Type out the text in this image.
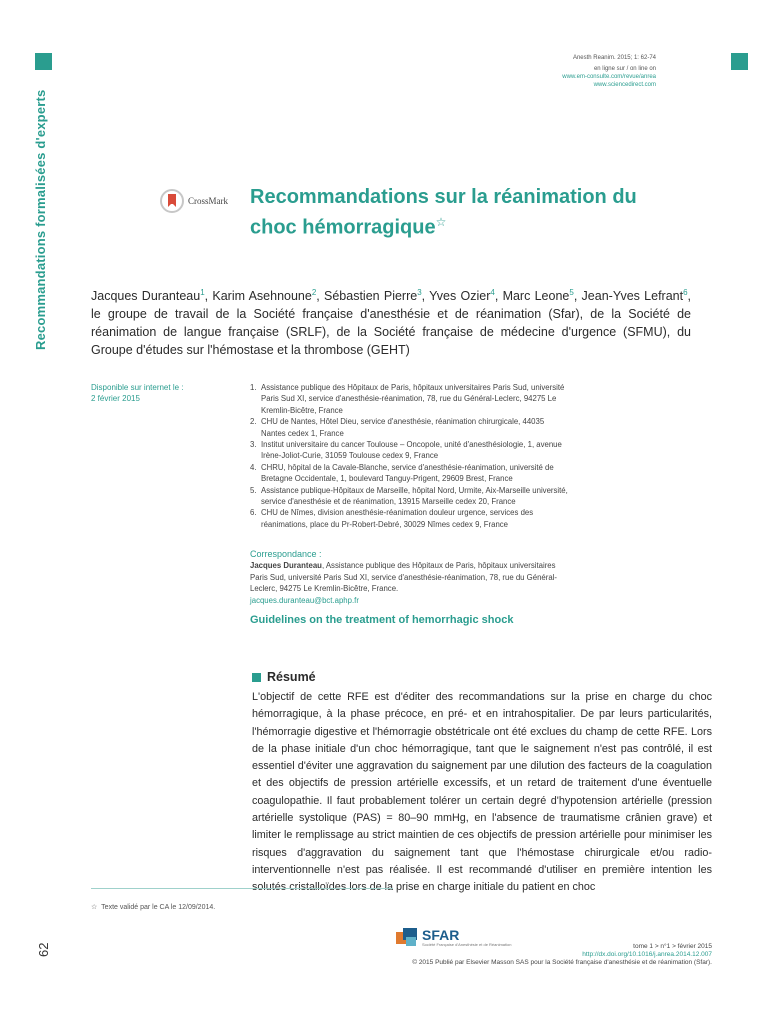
Recommandations formalisées d'experts
Anesth Reanim. 2015; 1: 62-74
en ligne sur / on line on
www.em-consulte.com/revue/anrea
www.sciencedirect.com
CrossMark Recommandations sur la réanimation du
choc hémorragique☆
Jacques Duranteau$^1$, Karim Asehnoune$^2$, Sébastien Pierre$^3$, Yves Ozier$^4$, Marc Leone$^5$, Jean-Yves Lefrant$^6$, le groupe de travail de la Société française d'anesthésie et de réanimation (Sfar), de la Société de réanimation de langue française (SRLF), de la Société française de médecine d'urgence (SFMU), du Groupe d'études sur l'hémostase et la thrombose (GEHT)
Disponible sur internet le :
2 février 2015
1. Assistance publique des Hôpitaux de Paris, hôpitaux universitaires Paris Sud, université Paris Sud XI, service d'anesthésie-réanimation, 78, rue du Général-Leclerc, 94275 Le Kremlin-Bicêtre, France
2. CHU de Nantes, Hôtel Dieu, service d'anesthésie, réanimation chirurgicale, 44035 Nantes cedex 1, France
3. Institut universitaire du cancer Toulouse – Oncopole, unité d'anesthésiologie, 1, avenue Irène-Joliot-Curie, 31059 Toulouse cedex 9, France
4. CHRU, hôpital de la Cavale-Blanche, service d'anesthésie-réanimation, université de Bretagne Occidentale, 1, boulevard Tanguy-Prigent, 29609 Brest, France
5. Assistance publique-Hôpitaux de Marseille, hôpital Nord, Urmite, Aix-Marseille université, service d'anesthésie et de réanimation, 13915 Marseille cedex 20, France
6. CHU de Nîmes, division anesthésie-réanimation douleur urgence, services des réanimations, place du Pr-Robert-Debré, 30029 Nîmes cedex 9, France
Correspondance :
Jacques Duranteau, Assistance publique des Hôpitaux de Paris, hôpitaux universitaires Paris Sud, université Paris Sud XI, service d'anesthésie-réanimation, 78, rue du Général-Leclerc, 94275 Le Kremlin-Bicêtre, France.
jacques.duranteau@bct.aphp.fr
Guidelines on the treatment of hemorrhagic shock
Résumé
L'objectif de cette RFE est d'éditer des recommandations sur la prise en charge du choc hémorragique, à la phase précoce, en pré- et en intrahospitalier. De par leurs particularités, l'hémorragie digestive et l'hémorragie obstétricale ont été exclues du champ de cette RFE. Lors de la phase initiale d'un choc hémorragique, tant que le saignement n'est pas contrôlé, il est essentiel d'éviter une aggravation du saignement par une dilution des facteurs de la coagulation et des objectifs de pression artérielle excessifs, et un retard de traitement d'une éventuelle coagulopathie. Il faut probablement tolérer un certain degré d'hypotension artérielle (pression artérielle systolique (PAS) = 80–90 mmHg, en l'absence de traumatisme crânien grave) et limiter le remplissage au strict maintien de ces objectifs de pression artérielle pour minimiser les risques d'aggravation du saignement tant que l'hémostase chirurgicale et/ou radio-interventionnelle n'est pas réalisée. Il est recommandé d'utiliser en première intention les solutés cristalloïdes lors de la prise en charge initiale du patient en choc
☆ Texte validé par le CA le 12/09/2014.
62
SFAR
Société Française d'Anesthésie et de Réanimation	tome 1 > n°1 > février 2015
http://dx.doi.org/10.1016/j.anrea.2014.12.007
© 2015 Publié par Elsevier Masson SAS pour la Société française d'anesthésie et de réanimation (Sfar).
